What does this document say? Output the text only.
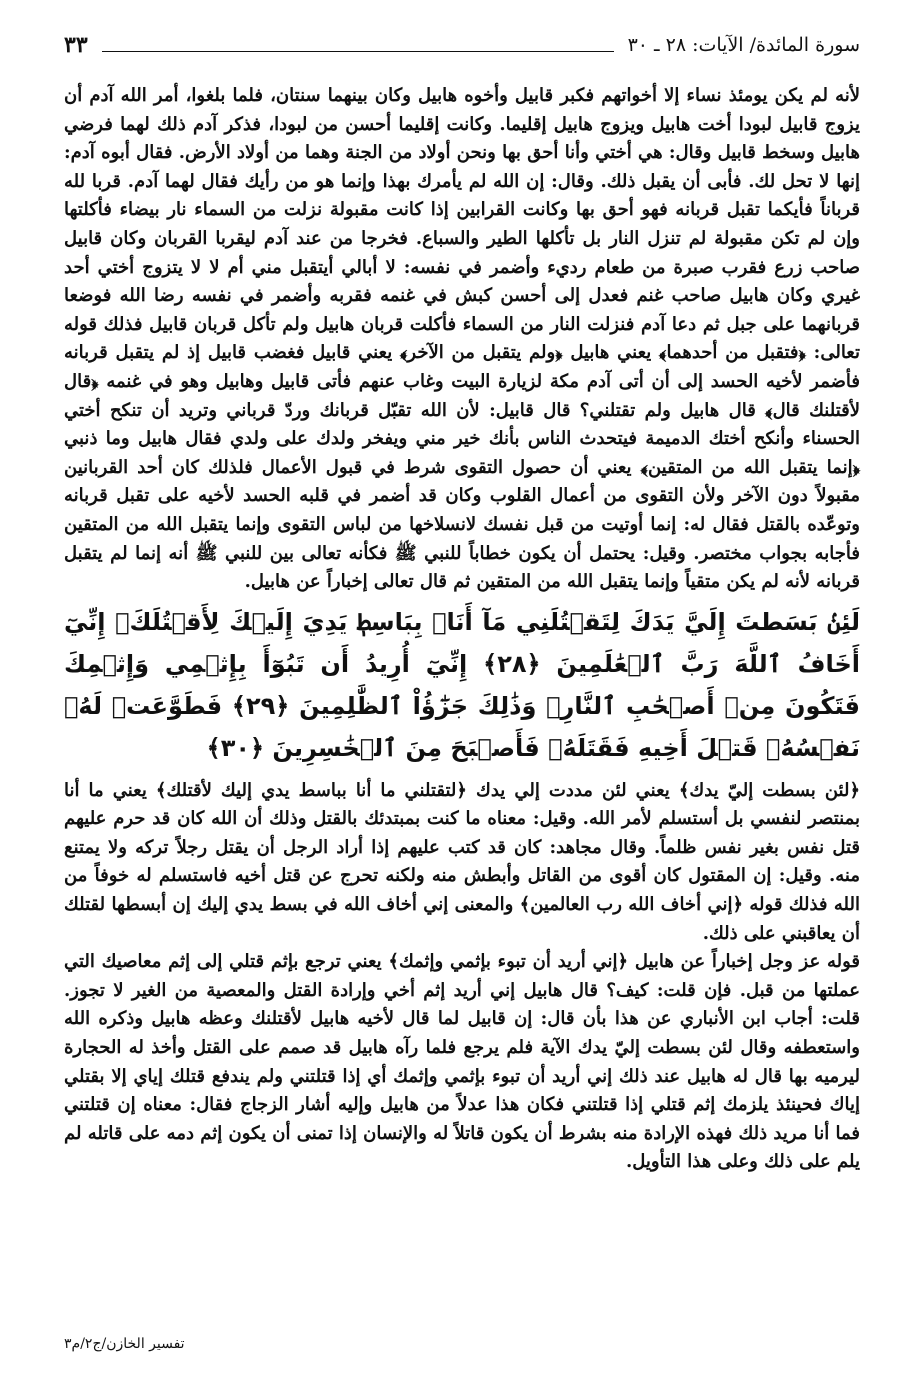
سورة المائدة/ الآيات: ٢٨ ـ ٣٠
٣٣

لأنه لم يكن يومئذ نساء إلا أخواتهم فكبر قابيل وأخوه هابيل وكان بينهما سنتان، فلما بلغوا، أمر الله آدم أن يزوج قابيل لبودا أخت هابيل ويزوج هابيل إقليما. وكانت إقليما أحسن من لبودا، فذكر آدم ذلك لهما فرضي هابيل وسخط قابيل وقال: هي أختي وأنا أحق بها ونحن أولاد من الجنة وهما من أولاد الأرض. فقال أبوه آدم: إنها لا تحل لك. فأبى أن يقبل ذلك. وقال: إن الله لم يأمرك بهذا وإنما هو من رأيك فقال لهما آدم. قربا لله قرباناً فأيكما تقبل قربانه فهو أحق بها وكانت القرابين إذا كانت مقبولة نزلت من السماء نار بيضاء فأكلتها وإن لم تكن مقبولة لم تنزل النار بل تأكلها الطير والسباع. فخرجا من عند آدم ليقربا القربان وكان قابيل صاحب زرع فقرب صبرة من طعام رديء وأضمر في نفسه: لا أبالي أيتقبل مني أم لا لا يتزوج أختي أحد غيري وكان هابيل صاحب غنم فعدل إلى أحسن كبش في غنمه فقربه وأضمر في نفسه رضا الله فوضعا قربانهما على جبل ثم دعا آدم فنزلت النار من السماء فأكلت قربان هابيل ولم تأكل قربان قابيل فذلك قوله تعالى: ﴿فتقبل من أحدهما﴾ يعني هابيل ﴿ولم يتقبل من الآخر﴾ يعني قابيل فغضب قابيل إذ لم يتقبل قربانه فأضمر لأخيه الحسد إلى أن أتى آدم مكة لزيارة البيت وغاب عنهم فأتى قابيل وهابيل وهو في غنمه ﴿قال لأقتلنك قال﴾ قال هابيل ولم تقتلني؟ قال قابيل: لأن الله تقبّل قربانك وردّ قرباني وتريد أن تنكح أختي الحسناء وأنكح أختك الدميمة فيتحدث الناس بأنك خير مني ويفخر ولدك على ولدي فقال هابيل وما ذنبي ﴿إنما يتقبل الله من المتقين﴾ يعني أن حصول التقوى شرط في قبول الأعمال فلذلك كان أحد القربانين مقبولاً دون الآخر ولأن التقوى من أعمال القلوب وكان قد أضمر في قلبه الحسد لأخيه على تقبل قربانه وتوعّده بالقتل فقال له: إنما أوتيت من قبل نفسك لانسلاخها من لباس التقوى وإنما يتقبل الله من المتقين فأجابه بجواب مختصر. وقيل: يحتمل أن يكون خطاباً للنبي ﷺ فكأنه تعالى بين للنبي ﷺ أنه إنما لم يتقبل قربانه لأنه لم يكن متقياً وإنما يتقبل الله من المتقين ثم قال تعالى إخباراً عن هابيل.

لَئِنۢ بَسَطتَ إِلَيَّ يَدَكَ لِتَقۡتُلَنِي مَآ أَنَا۠ بِبَاسِطٖ يَدِيَ إِلَيۡكَ لِأَقۡتُلَكَۖ إِنِّيٓ أَخَافُ ٱللَّهَ رَبَّ ٱلۡعَٰلَمِينَ ﴿٢٨﴾ إِنِّيٓ أُرِيدُ أَن تَبُوٓأَ بِإِثۡمِي وَإِثۡمِكَ فَتَكُونَ مِنۡ أَصۡحَٰبِ ٱلنَّارِۚ وَذَٰلِكَ جَزَٰٓؤُاْ ٱلظَّٰلِمِينَ ﴿٢٩﴾ فَطَوَّعَتۡ لَهُۥ نَفۡسُهُۥ قَتۡلَ أَخِيهِ فَقَتَلَهُۥ فَأَصۡبَحَ مِنَ ٱلۡخَٰسِرِينَ ﴿٣٠﴾

﴿لئن بسطت إليّ يدك﴾ يعني لئن مددت إلي يدك ﴿لتقتلني ما أنا بباسط يدي إليك لأقتلك﴾ يعني ما أنا بمنتصر لنفسي بل أستسلم لأمر الله. وقيل: معناه ما كنت بمبتدئك بالقتل وذلك أن الله كان قد حرم عليهم قتل نفس بغير نفس ظلماً. وقال مجاهد: كان قد كتب عليهم إذا أراد الرجل أن يقتل رجلاً تركه ولا يمتنع منه. وقيل: إن المقتول كان أقوى من القاتل وأبطش منه ولكنه تحرج عن قتل أخيه فاستسلم له خوفاً من الله فذلك قوله ﴿إني أخاف الله رب العالمين﴾ والمعنى إني أخاف الله في بسط يدي إليك إن أبسطها لقتلك أن يعاقبني على ذلك.

قوله عز وجل إخباراً عن هابيل ﴿إني أريد أن تبوء بإثمي وإثمك﴾ يعني ترجع بإثم قتلي إلى إثم معاصيك التي عملتها من قبل. فإن قلت: كيف؟ قال هابيل إني أريد إثم أخي وإرادة القتل والمعصية من الغير لا تجوز. قلت: أجاب ابن الأنباري عن هذا بأن قال: إن قابيل لما قال لأخيه هابيل لأقتلنك وعظه هابيل وذكره الله واستعطفه وقال لئن بسطت إليّ يدك الآية فلم يرجع فلما رآه هابيل قد صمم على القتل وأخذ له الحجارة ليرميه بها قال له هابيل عند ذلك إني أريد أن تبوء بإثمي وإثمك أي إذا قتلتني ولم يندفع قتلك إياي إلا بقتلي إياك فحينئذ يلزمك إثم قتلي إذا قتلتني فكان هذا عدلاً من هابيل وإليه أشار الزجاج فقال: معناه إن قتلتني فما أنا مريد ذلك فهذه الإرادة منه بشرط أن يكون قاتلاً له والإنسان إذا تمنى أن يكون إثم دمه على قاتله لم يلم على ذلك وعلى هذا التأويل.

تفسير الخازن/ج٢/م٣
